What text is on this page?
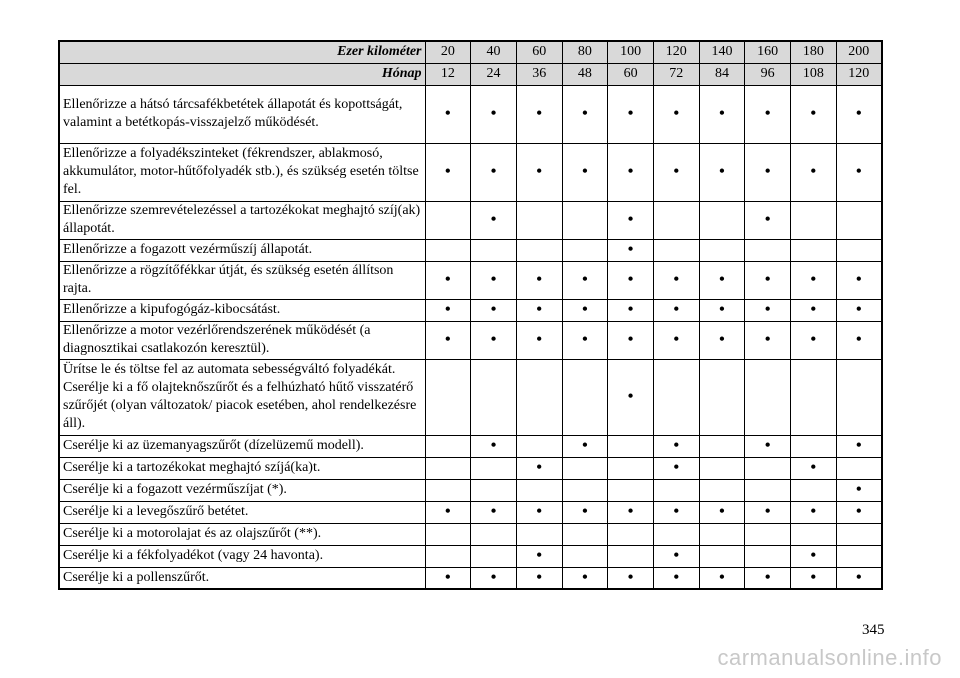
Ezer kilométer	20	40	60	80	100	120	140	160	180	200
Hónap	12	24	36	48	60	72	84	96	108	120
Ellenőrizze a hátsó tárcsafékbetétek állapotát és kopottságát, valamint a betétkopás-visszajelző működését.	•	•	•	•	•	•	•	•	•	•
Ellenőrizze a folyadékszinteket (fékrendszer, ablakmosó, akkumulátor, motor-hűtőfolyadék stb.), és szükség esetén töltse fel.	•	•	•	•	•	•	•	•	•	•
Ellenőrizze szemrevételezéssel a tartozékokat meghajtó szíj(ak) állapotát.		•			•			•		
Ellenőrizze a fogazott vezérműszíj állapotát.					•					
Ellenőrizze a rögzítőfékkar útját, és szükség esetén állítson rajta.	•	•	•	•	•	•	•	•	•	•
Ellenőrizze a kipufogógáz-kibocsátást.	•	•	•	•	•	•	•	•	•	•
Ellenőrizze a motor vezérlőrendszerének működését (a diagnosztikai csatlakozón keresztül).	•	•	•	•	•	•	•	•	•	•
Ürítse le és töltse fel az automata sebességváltó folyadékát. Cserélje ki a fő olajteknőszűrőt és a felhúzható hűtő visszatérő szűrőjét (olyan változatok/ piacok esetében, ahol rendelkezésre áll).					•					
Cserélje ki az üzemanyagszűrőt (dízelüzemű modell).		•		•		•		•		•
Cserélje ki a tartozékokat meghajtó szíjá(ka)t.			•			•			•	
Cserélje ki a fogazott vezérműszíjat (*).										•
Cserélje ki a levegőszűrő betétet.	•	•	•	•	•	•	•	•	•	•
Cserélje ki a motorolajat és az olajszűrőt (**).										
Cserélje ki a fékfolyadékot (vagy 24 havonta).			•			•			•	
Cserélje ki a pollenszűrőt.	•	•	•	•	•	•	•	•	•	•
345
carmanualsonline.info
